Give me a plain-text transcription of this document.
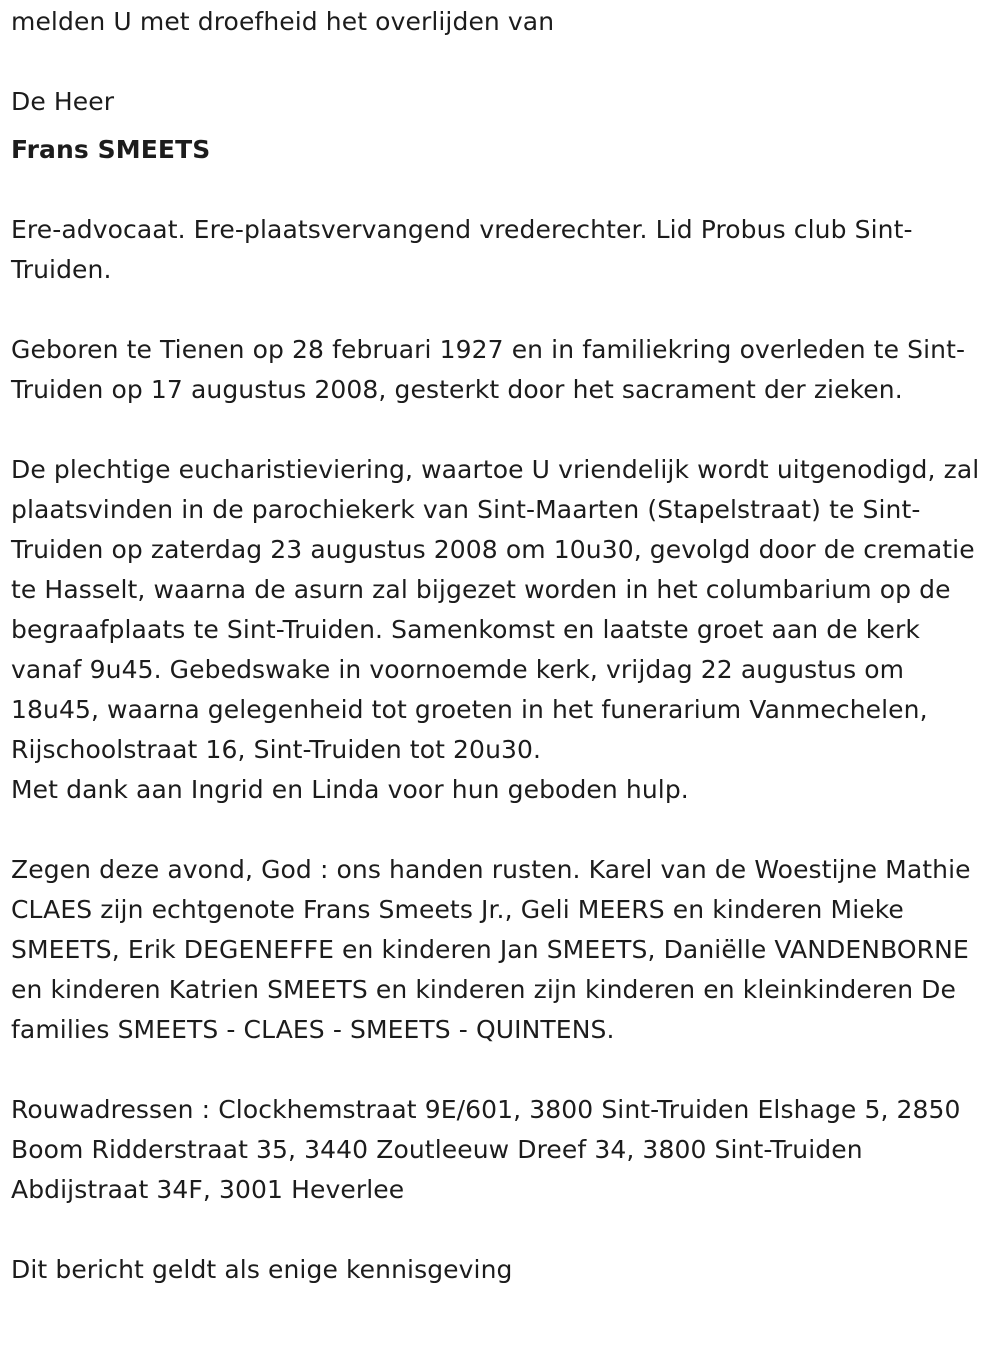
melden U met droefheid het overlijden van

De Heer

Frans SMEETS

Ere-advocaat. Ere-plaatsvervangend vrederechter. Lid Probus club Sint-Truiden.

Geboren te Tienen op 28 februari 1927 en in familiekring overleden te Sint-Truiden op 17 augustus 2008, gesterkt door het sacrament der zieken.

De plechtige eucharistieviering, waartoe U vriendelijk wordt uitgenodigd, zal plaatsvinden in de parochiekerk van Sint-Maarten (Stapelstraat) te Sint-Truiden op zaterdag 23 augustus 2008 om 10u30, gevolgd door de crematie te Hasselt, waarna de asurn zal bijgezet worden in het columbarium op de begraafplaats te Sint-Truiden. Samenkomst en laatste groet aan de kerk vanaf 9u45. Gebedswake in voornoemde kerk, vrijdag 22 augustus om 18u45, waarna gelegenheid tot groeten in het funerarium Vanmechelen, Rijschoolstraat 16, Sint-Truiden tot 20u30.

Met dank aan Ingrid en Linda voor hun geboden hulp.

Zegen deze avond, God : ons handen rusten. Karel van de Woestijne Mathie CLAES zijn echtgenote Frans Smeets Jr., Geli MEERS en kinderen Mieke SMEETS, Erik DEGENEFFE en kinderen Jan SMEETS, Daniëlle VANDENBORNE en kinderen Katrien SMEETS en kinderen zijn kinderen en kleinkinderen De families SMEETS - CLAES - SMEETS - QUINTENS.

Rouwadressen : Clockhemstraat 9E/601, 3800 Sint-Truiden Elshage 5, 2850 Boom Ridderstraat 35, 3440 Zoutleeuw Dreef 34, 3800 Sint-Truiden Abdijstraat 34F, 3001 Heverlee

Dit bericht geldt als enige kennisgeving
